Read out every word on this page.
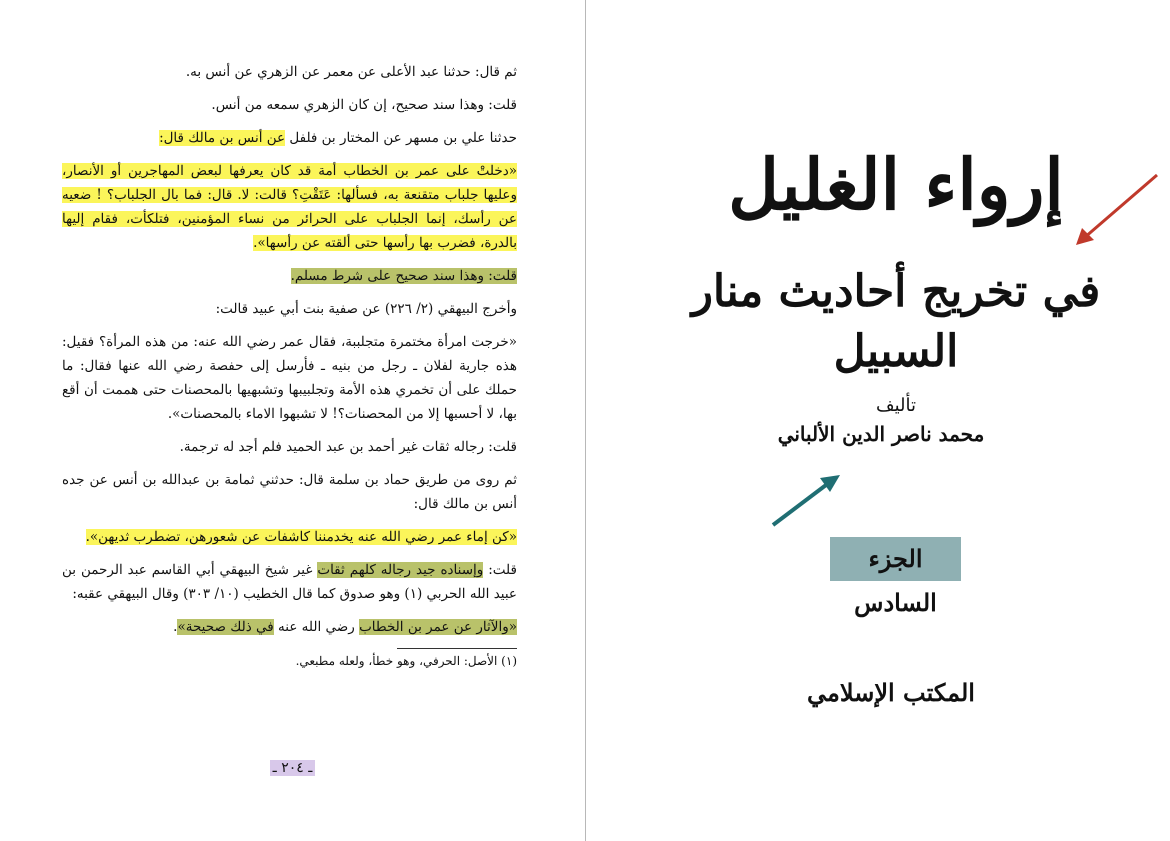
ثم قال: حدثنا عبد الأعلى عن معمر عن الزهري عن أنس به.
قلت: وهذا سند صحيح، إن كان الزهري سمعه من أنس.
حدثنا علي بن مسهر عن المختار بن فلفل عن أنس بن مالك قال:
«دخلتْ على عمر بن الخطاب أمة قد كان يعرفها لبعض المهاجرين أو الأنصار، وعليها جلباب متقنعة به، فسألها: عَتَقْتِ؟ قالت: لا. قال: فما بال الجلباب؟ ! ضعيه عن رأسك، إنما الجلباب على الحرائر من نساء المؤمنين، فتلكأت، فقام إليها بالدرة، فضرب بها رأسها حتى ألقته عن رأسها».
قلت: وهذا سند صحيح على شرط مسلم.
وأخرج البيهقي (٢/ ٢٢٦) عن صفية بنت أبي عبيد قالت:
«خرجت امرأة مختمرة متجلببة، فقال عمر رضي الله عنه: من هذه المرأة؟ فقيل: هذه جارية لفلان ـ رجل من بنيه ـ فأرسل إلى حفصة رضي الله عنها فقال: ما حملك على أن تخمري هذه الأمة وتجلبيبها وتشبهيها بالمحصنات حتى هممت أن أقع بها، لا أحسبها إلا من المحصنات؟! لا تشبهوا الاماء بالمحصنات».
قلت: رجاله ثقات غير أحمد بن عبد الحميد فلم أجد له ترجمة.
ثم روى من طريق حماد بن سلمة قال: حدثني ثمامة بن عبدالله بن أنس عن جده أنس بن مالك قال:
«كن إماء عمر رضي الله عنه يخدمننا كاشفات عن شعورهن، تضطرب ثديهن».
قلت: وإسناده جيد رجاله كلهم ثقات غير شيخ البيهقي أبي القاسم عبد الرحمن بن عبيد الله الحربي (١) وهو صدوق كما قال الخطيب (١٠/ ٣٠٣) وقال البيهقي عقبه:
«والآثار عن عمر بن الخطاب رضي الله عنه في ذلك صحيحة».
(١) الأصل: الحرفي، وهو خطأ، ولعله مطبعي.
ـ ٢٠٤ ـ
إرواء الغليل
في تخريج أحاديث منار السبيل
تأليف
محمد ناصر الدين الألباني
الجزء السادس
المكتب الإسلامي
